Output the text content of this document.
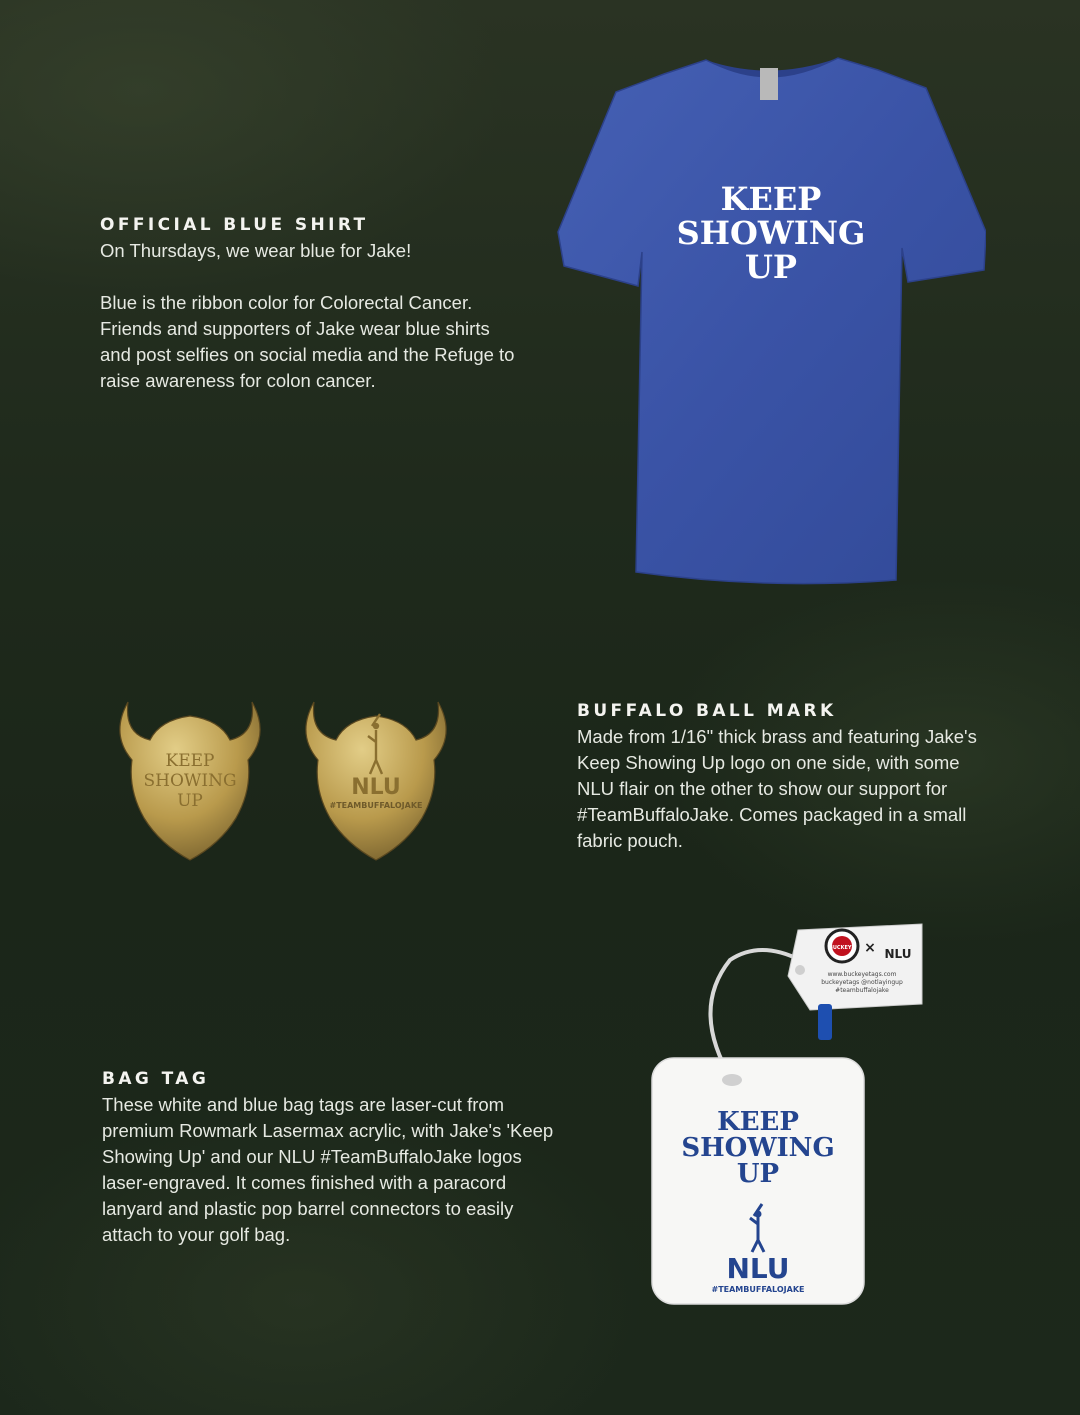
KEEP
SHOWING
UP
OFFICIAL BLUE SHIRT

On Thursdays, we wear blue for Jake!

Blue is the ribbon color for Colorectal Cancer. Friends and supporters of Jake wear blue shirts and post selfies on social media and the Refuge to raise awareness for colon cancer.

KEEP
SHOWING
UP
NLU
#TEAMBUFFALOJAKE
BUFFALO BALL MARK

Made from 1/16" thick brass and featuring Jake's Keep Showing Up logo on one side, with some NLU flair on the other to show our support for #TeamBuffaloJake. Comes packaged in a small fabric pouch.

BUCKEYE × NLU
www.buckeyetags.com
buckeyetags @notlayingup
#teambuffalojake
KEEP
SHOWING
UP
NLU
#TEAMBUFFALOJAKE
BAG TAG

These white and blue bag tags are laser-cut from premium Rowmark Lasermax acrylic, with Jake's 'Keep Showing Up' and our NLU #TeamBuffaloJake logos laser-engraved. It comes finished with a paracord lanyard and plastic pop barrel connectors to easily attach to your golf bag.
